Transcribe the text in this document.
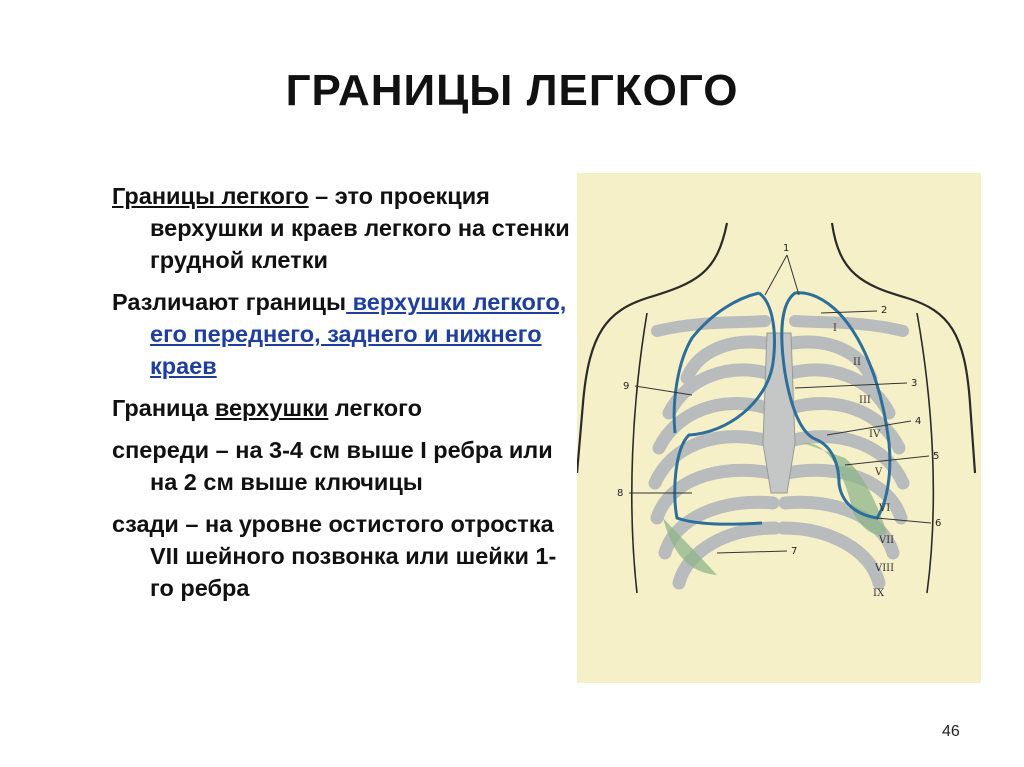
ГРАНИЦЫ ЛЕГКОГО
Границы легкого – это проекция верхушки и краев легкого на стенки грудной клетки
Различают границы верхушки легкого, его переднего, заднего и нижнего краев
Граница верхушки легкого
спереди – на 3-4 см выше I ребра или на 2 см выше ключицы
сзади – на уровне остистого отростка VII шейного позвонка или шейки 1-го ребра
1
2
3
4
5
6
7
8
9
I
II
III
IV
V
VI
VII
VIII
IX
46
